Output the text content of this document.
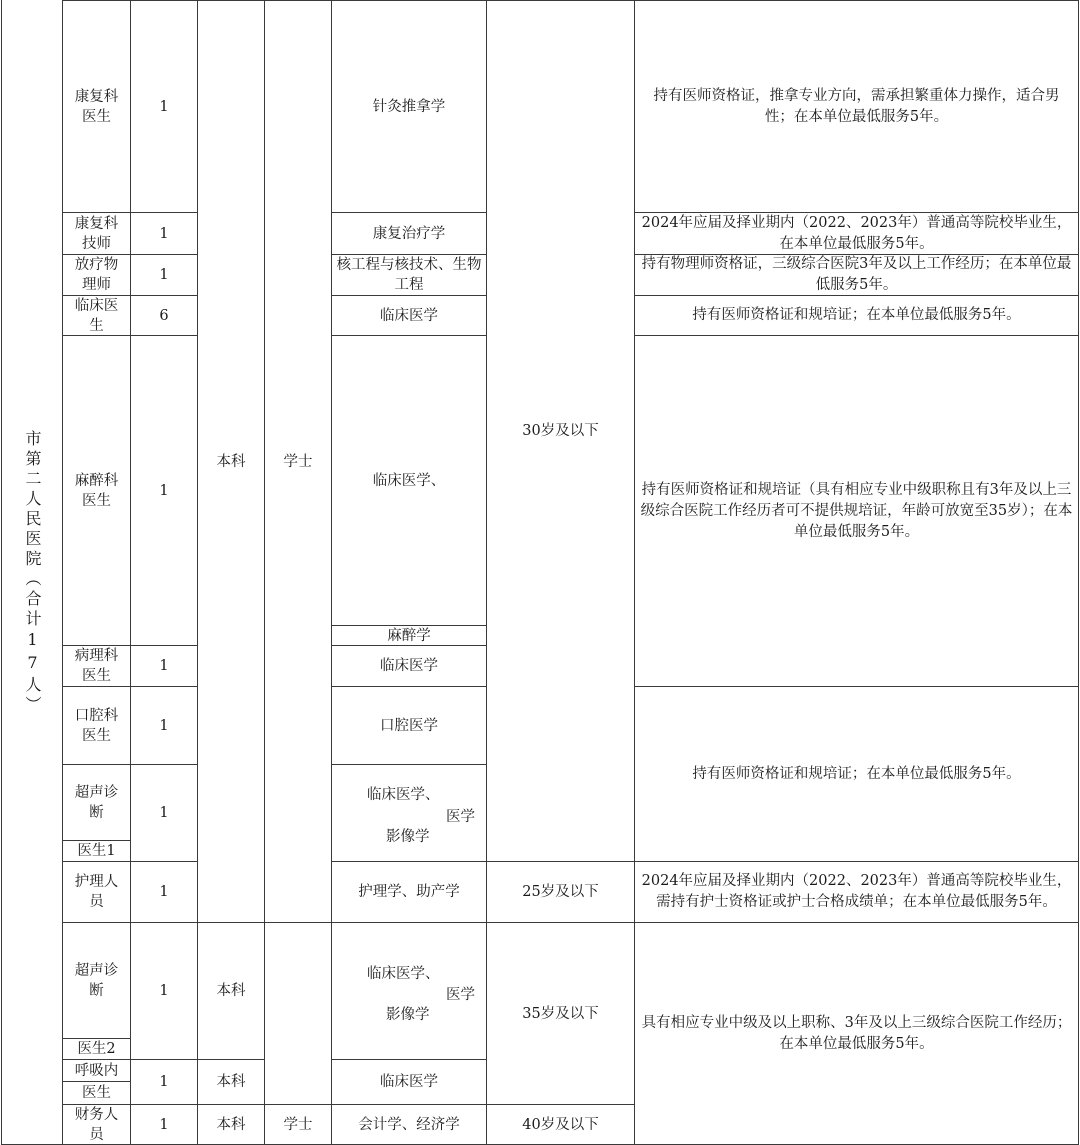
市第二人民医院（合计17人）
康复科医生
康复科技师
放疗物理师
临床医生
麻醉科医生
病理科医生
口腔科医生
超声诊断
医生1
护理人员
超声诊断
医生2
呼吸内
医生
财务人员
1
1
1
6
1
1
1
1
1
1
1
1
本科
本科
本科
本科
学士
学士
针灸推拿学
康复治疗学
核工程与核技术、生物工程
临床医学
临床医学、
麻醉学
临床医学
口腔医学
临床医学、
医学
影像学
护理学、助产学
临床医学、
医学
影像学
临床医学
会计学、经济学
30岁及以下
25岁及以下
35岁及以下
40岁及以下
持有医师资格证，推拿专业方向，需承担繁重体力操作，适合男性；在本单位最低服务5年。
2024年应届及择业期内（2022、2023年）普通高等院校毕业生，在本单位最低服务5年。
持有物理师资格证，三级综合医院3年及以上工作经历；在本单位最低服务5年。
持有医师资格证和规培证；在本单位最低服务5年。
持有医师资格证和规培证（具有相应专业中级职称且有3年及以上三级综合医院工作经历者可不提供规培证，年龄可放宽至35岁）；在本单位最低服务5年。
持有医师资格证和规培证；在本单位最低服务5年。
2024年应届及择业期内（2022、2023年）普通高等院校毕业生，需持有护士资格证或护士合格成绩单；在本单位最低服务5年。
具有相应专业中级及以上职称、3年及以上三级综合医院工作经历；在本单位最低服务5年。
